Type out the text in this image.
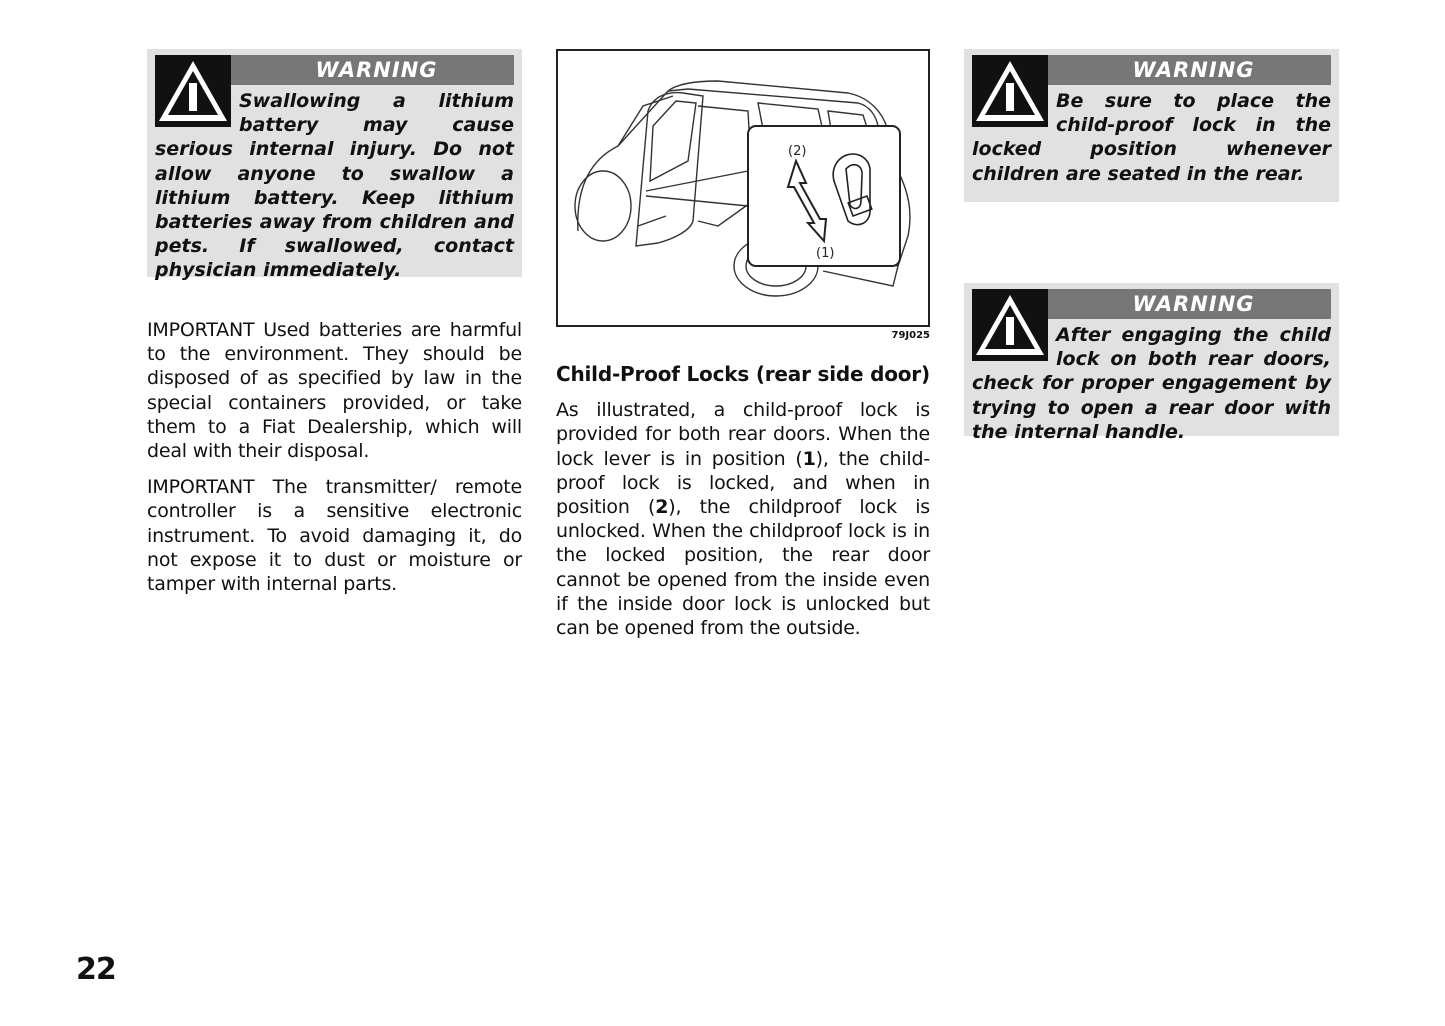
WARNING

Swallowing a lithium battery may cause serious internal injury. Do not allow anyone to swallow a lithium battery. Keep lithium batteries away from children and pets. If swallowed, contact physician immediately.

IMPORTANT Used batteries are harmful to the environment. They should be disposed of as specified by law in the special containers provided, or take them to a Fiat Dealership, which will deal with their disposal.

IMPORTANT The transmitter/ remote controller is a sensitive electronic instrument. To avoid damaging it, do not expose it to dust or moisture or tamper with internal parts.

(2)
(1)
79J025
Child-Proof Locks (rear side door)

As illustrated, a child-proof lock is provided for both rear doors. When the lock lever is in position (1), the child-proof lock is locked, and when in position (2), the childproof lock is unlocked. When the childproof lock is in the locked position, the rear door cannot be opened from the inside even if the inside door lock is unlocked but can be opened from the outside.

WARNING

Be sure to place the child-proof lock in the locked position whenever children are seated in the rear.

WARNING

After engaging the child lock on both rear doors, check for proper engagement by trying to open a rear door with the internal handle.

22
